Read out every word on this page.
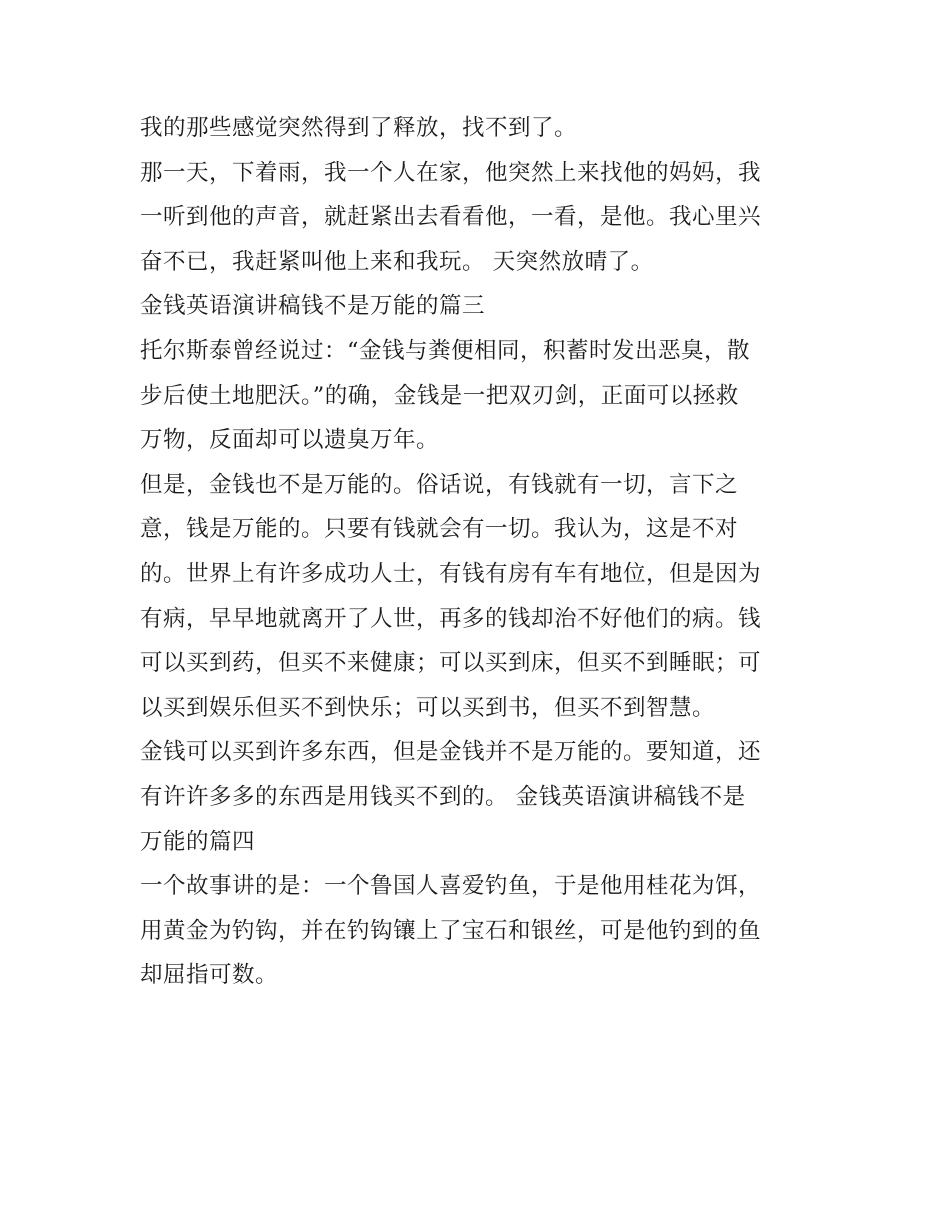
我的那些感觉突然得到了释放，找不到了。
那一天，下着雨，我一个人在家，他突然上来找他的妈妈，我
一听到他的声音，就赶紧出去看看他，一看，是他。我心里兴
奋不已，我赶紧叫他上来和我玩。 天突然放晴了。
金钱英语演讲稿钱不是万能的篇三
托尔斯泰曾经说过：“金钱与粪便相同，积蓄时发出恶臭，散
步后使土地肥沃。”的确，金钱是一把双刃剑，正面可以拯救
万物，反面却可以遗臭万年。
但是，金钱也不是万能的。俗话说，有钱就有一切，言下之
意，钱是万能的。只要有钱就会有一切。我认为，这是不对
的。世界上有许多成功人士，有钱有房有车有地位，但是因为
有病，早早地就离开了人世，再多的钱却治不好他们的病。钱
可以买到药，但买不来健康；可以买到床，但买不到睡眠；可
以买到娱乐但买不到快乐；可以买到书，但买不到智慧。
金钱可以买到许多东西，但是金钱并不是万能的。要知道，还
有许许多多的东西是用钱买不到的。 金钱英语演讲稿钱不是
万能的篇四
一个故事讲的是：一个鲁国人喜爱钓鱼，于是他用桂花为饵，
用黄金为钓钩，并在钓钩镶上了宝石和银丝，可是他钓到的鱼
却屈指可数。
